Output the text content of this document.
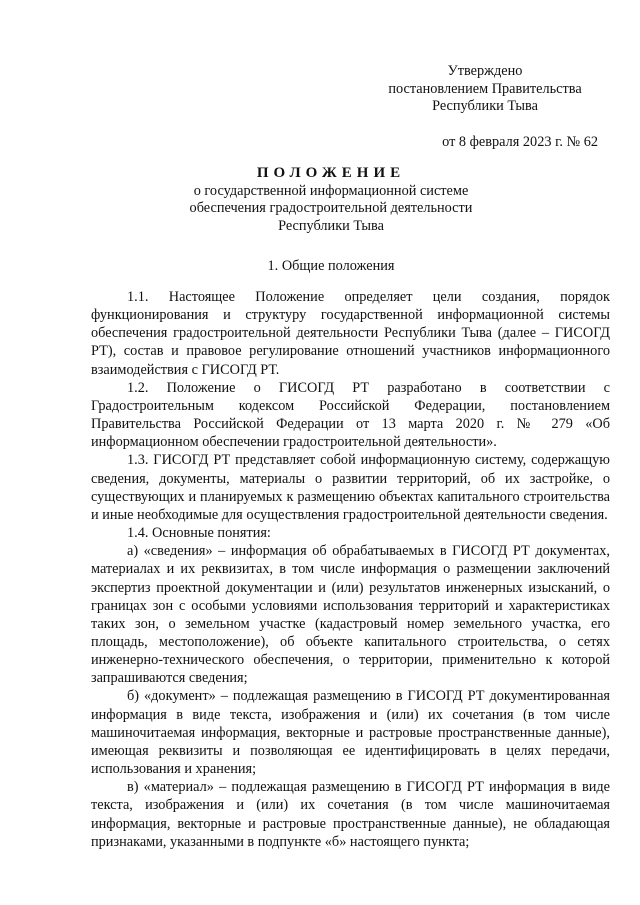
Утверждено
постановлением Правительства
Республики Тыва
от 8 февраля 2023 г. № 62
ПОЛОЖЕНИЕ
о государственной информационной системе
обеспечения градостроительной деятельности
Республики Тыва
1. Общие положения

1.1. Настоящее Положение определяет цели создания, порядок функционирования и структуру государственной информационной системы обеспечения градостроительной деятельности Республики Тыва (далее – ГИСОГД РТ), состав и правовое регулирование отношений участников информационного взаимодействия с ГИСОГД РТ.

1.2. Положение о ГИСОГД РТ разработано в соответствии с Градостроительным кодексом Российской Федерации, постановлением Правительства Российской Федерации от 13 марта 2020 г. № 279 «Об информационном обеспечении градостроительной деятельности».

1.3. ГИСОГД РТ представляет собой информационную систему, содержащую сведения, документы, материалы о развитии территорий, об их застройке, о существующих и планируемых к размещению объектах капитального строительства и иные необходимые для осуществления градостроительной деятельности сведения.

1.4. Основные понятия:

а) «сведения» – информация об обрабатываемых в ГИСОГД РТ документах, материалах и их реквизитах, в том числе информация о размещении заключений экспертиз проектной документации и (или) результатов инженерных изысканий, о границах зон с особыми условиями использования территорий и характеристиках таких зон, о земельном участке (кадастровый номер земельного участка, его площадь, местоположение), об объекте капитального строительства, о сетях инженерно-технического обеспечения, о территории, применительно к которой запрашиваются сведения;

б) «документ» – подлежащая размещению в ГИСОГД РТ документированная информация в виде текста, изображения и (или) их сочетания (в том числе машиночитаемая информация, векторные и растровые пространственные данные), имеющая реквизиты и позволяющая ее идентифицировать в целях передачи, использования и хранения;

в) «материал» – подлежащая размещению в ГИСОГД РТ информация в виде текста, изображения и (или) их сочетания (в том числе машиночитаемая информация, векторные и растровые пространственные данные), не обладающая признаками, указанными в подпункте «б» настоящего пункта;
